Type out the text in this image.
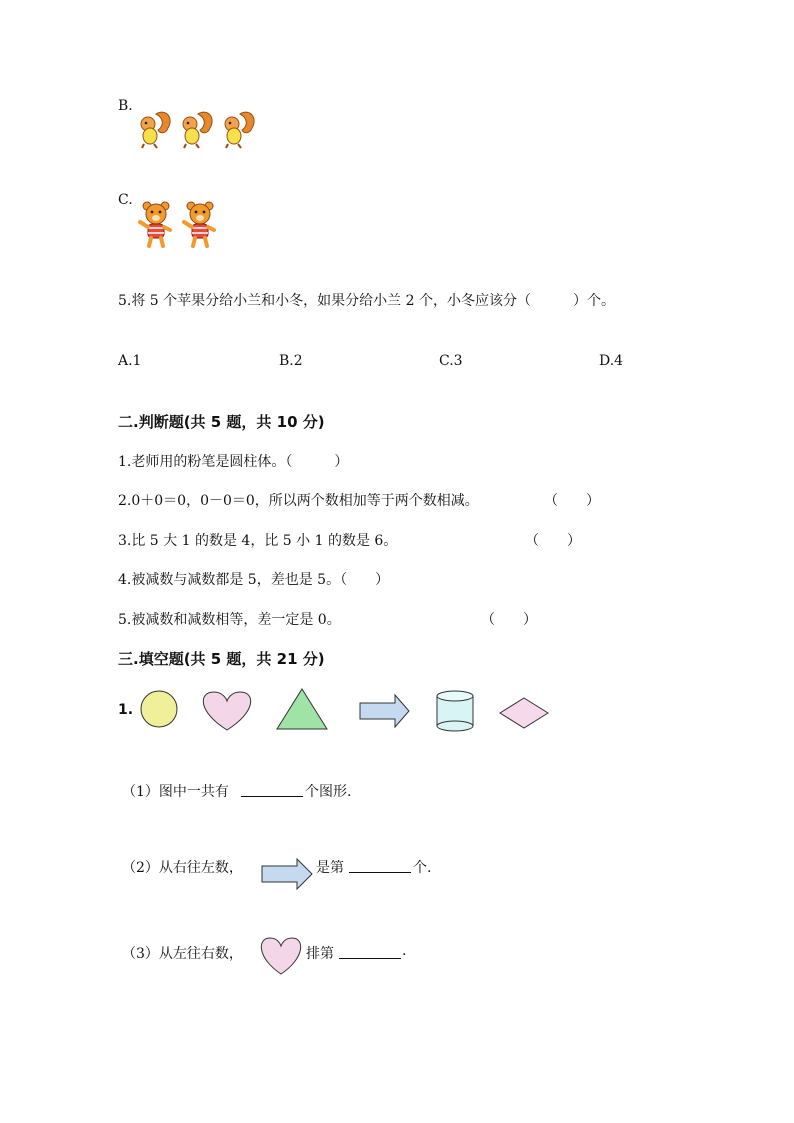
B.
C.
5.将 5 个苹果分给小兰和小冬，如果分给小兰 2 个，小冬应该分（　　　）个。
A.1	B.2	C.3	D.4
二.判断题(共 5 题，共 10 分)
1.老师用的粉笔是圆柱体。（　　　）
2.0＋0＝0，0－0＝0，所以两个数相加等于两个数相减。	（　　）
3.比 5 大 1 的数是 4，比 5 小 1 的数是 6。	（　　）
4.被减数与减数都是 5，差也是 5。（　　）
5.被减数和减数相等，差一定是 0。	（　　）
三.填空题(共 5 题，共 21 分)
1.
（1）图中一共有	个图形.
（2）从右往左数，	是第	个.
（3）从左往右数，	排第	.
